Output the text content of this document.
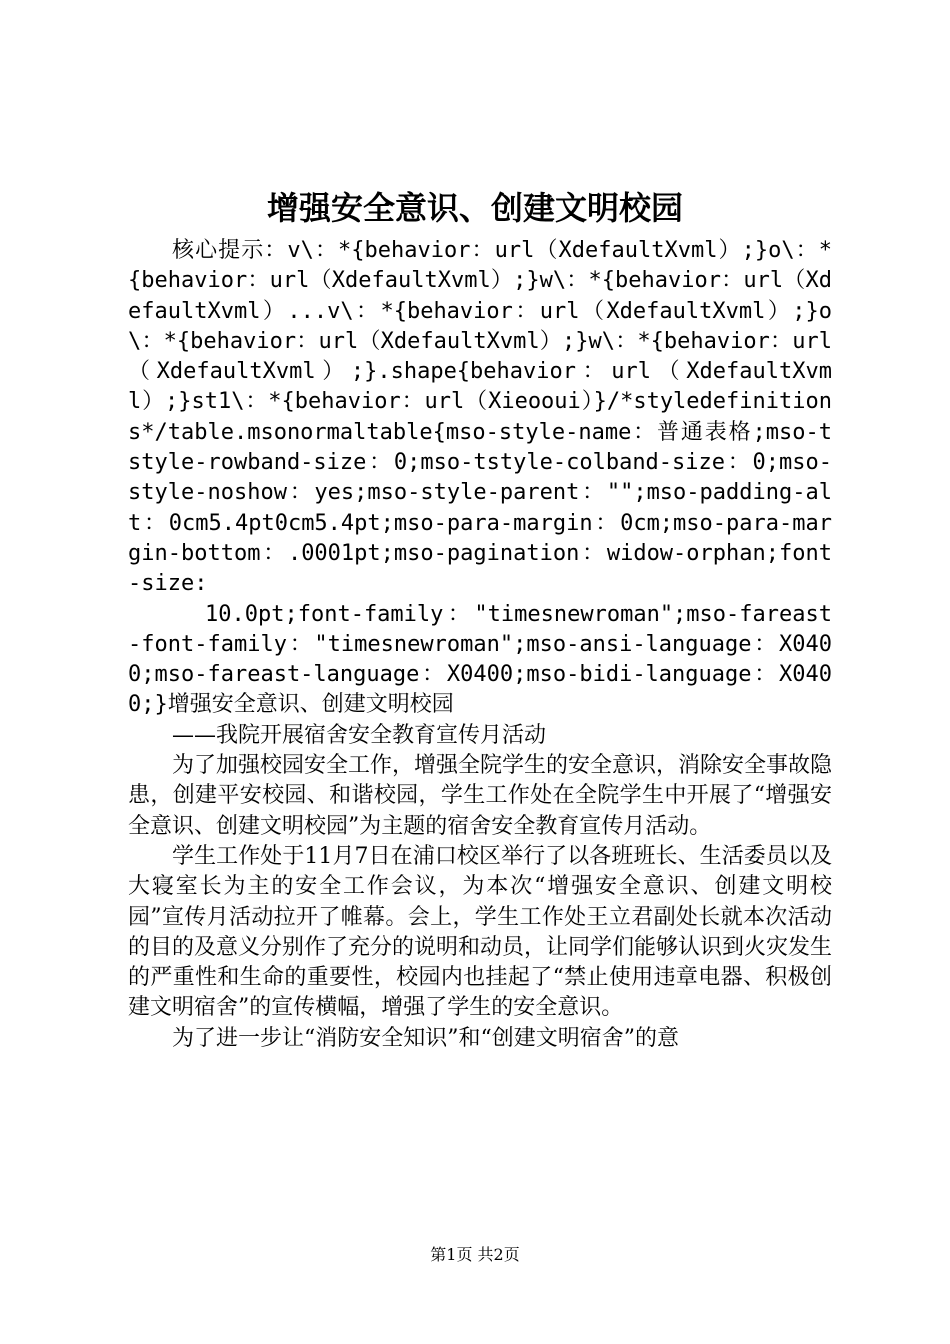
增强安全意识、创建文明校园

核心提示：v\：*{behavior：url（XdefaultXvml）;}o\：*{behavior：url（XdefaultXvml）;}w\：*{behavior：url（XdefaultXvml）...v\：*{behavior：url（XdefaultXvml）;}o\：*{behavior：url（XdefaultXvml）;}w\：*{behavior：url（XdefaultXvml）;}.shape{behavior：url（XdefaultXvml）;}st1\：*{behavior：url（Xieooui）}/*styledefinitions*/table.msonormaltable{mso-style-name：普通表格;mso-tstyle-rowband-size：0;mso-tstyle-colband-size：0;mso-style-noshow：yes;mso-style-parent："";mso-padding-alt：0cm5.4pt0cm5.4pt;mso-para-margin：0cm;mso-para-margin-bottom：.0001pt;mso-pagination：widow-orphan;font-size:

10.0pt;font-family："timesnewroman";mso-fareast-font-family："timesnewroman";mso-ansi-language：X0400;mso-fareast-language：X0400;mso-bidi-language：X0400;}增强安全意识、创建文明校园

——我院开展宿舍安全教育宣传月活动

为了加强校园安全工作，增强全院学生的安全意识，消除安全事故隐患，创建平安校园、和谐校园，学生工作处在全院学生中开展了“增强安全意识、创建文明校园”为主题的宿舍安全教育宣传月活动。

学生工作处于11月7日在浦口校区举行了以各班班长、生活委员以及大寝室长为主的安全工作会议，为本次“增强安全意识、创建文明校园”宣传月活动拉开了帷幕。会上，学生工作处王立君副处长就本次活动的目的及意义分别作了充分的说明和动员，让同学们能够认识到火灾发生的严重性和生命的重要性，校园内也挂起了“禁止使用违章电器、积极创建文明宿舍”的宣传横幅，增强了学生的安全意识。

为了进一步让“消防安全知识”和“创建文明宿舍”的意

第1页 共2页
